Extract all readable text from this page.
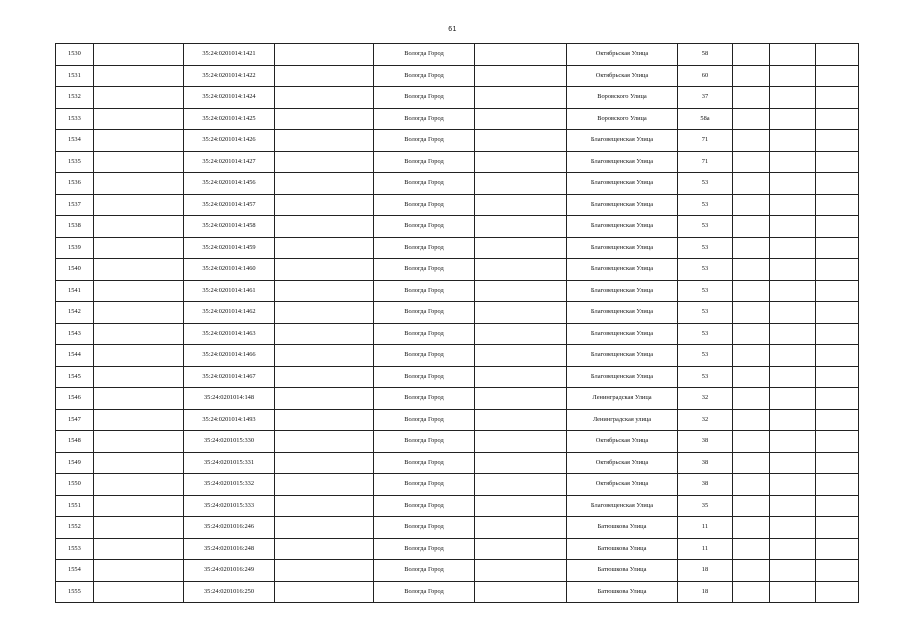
61
1530		35:24:0201014:1421		Вологда Город		Октябрьская Улица	58			
1531		35:24:0201014:1422		Вологда Город		Октябрьская Улица	60			
1532		35:24:0201014:1424		Вологда Город		Воровского Улица	37			
1533		35:24:0201014:1425		Вологда Город		Воровского Улица	58а			
1534		35:24:0201014:1426		Вологда Город		Благовещенская Улица	71			
1535		35:24:0201014:1427		Вологда Город		Благовещенская Улица	71			
1536		35:24:0201014:1456		Вологда Город		Благовещенская Улица	53			
1537		35:24:0201014:1457		Вологда Город		Благовещенская Улица	53			
1538		35:24:0201014:1458		Вологда Город		Благовещенская Улица	53			
1539		35:24:0201014:1459		Вологда Город		Благовещенская Улица	53			
1540		35:24:0201014:1460		Вологда Город		Благовещенская Улица	53			
1541		35:24:0201014:1461		Вологда Город		Благовещенская Улица	53			
1542		35:24:0201014:1462		Вологда Город		Благовещенская Улица	53			
1543		35:24:0201014:1463		Вологда Город		Благовещенская Улица	53			
1544		35:24:0201014:1466		Вологда Город		Благовещенская Улица	53			
1545		35:24:0201014:1467		Вологда Город		Благовещенская Улица	53			
1546		35:24:0201014:148		Вологда Город		Ленинградская Улица	32			
1547		35:24:0201014:1493		Вологда Город		Ленинградская улица	32			
1548		35:24:0201015:330		Вологда Город		Октябрьская Улица	38			
1549		35:24:0201015:331		Вологда Город		Октябрьская Улица	38			
1550		35:24:0201015:332		Вологда Город		Октябрьская Улица	38			
1551		35:24:0201015:333		Вологда Город		Благовещенская Улица	35			
1552		35:24:0201016:246		Вологда Город		Батюшкова Улица	11			
1553		35:24:0201016:248		Вологда Город		Батюшкова Улица	11			
1554		35:24:0201016:249		Вологда Город		Батюшкова Улица	18			
1555		35:24:0201016:250		Вологда Город		Батюшкова Улица	18			
